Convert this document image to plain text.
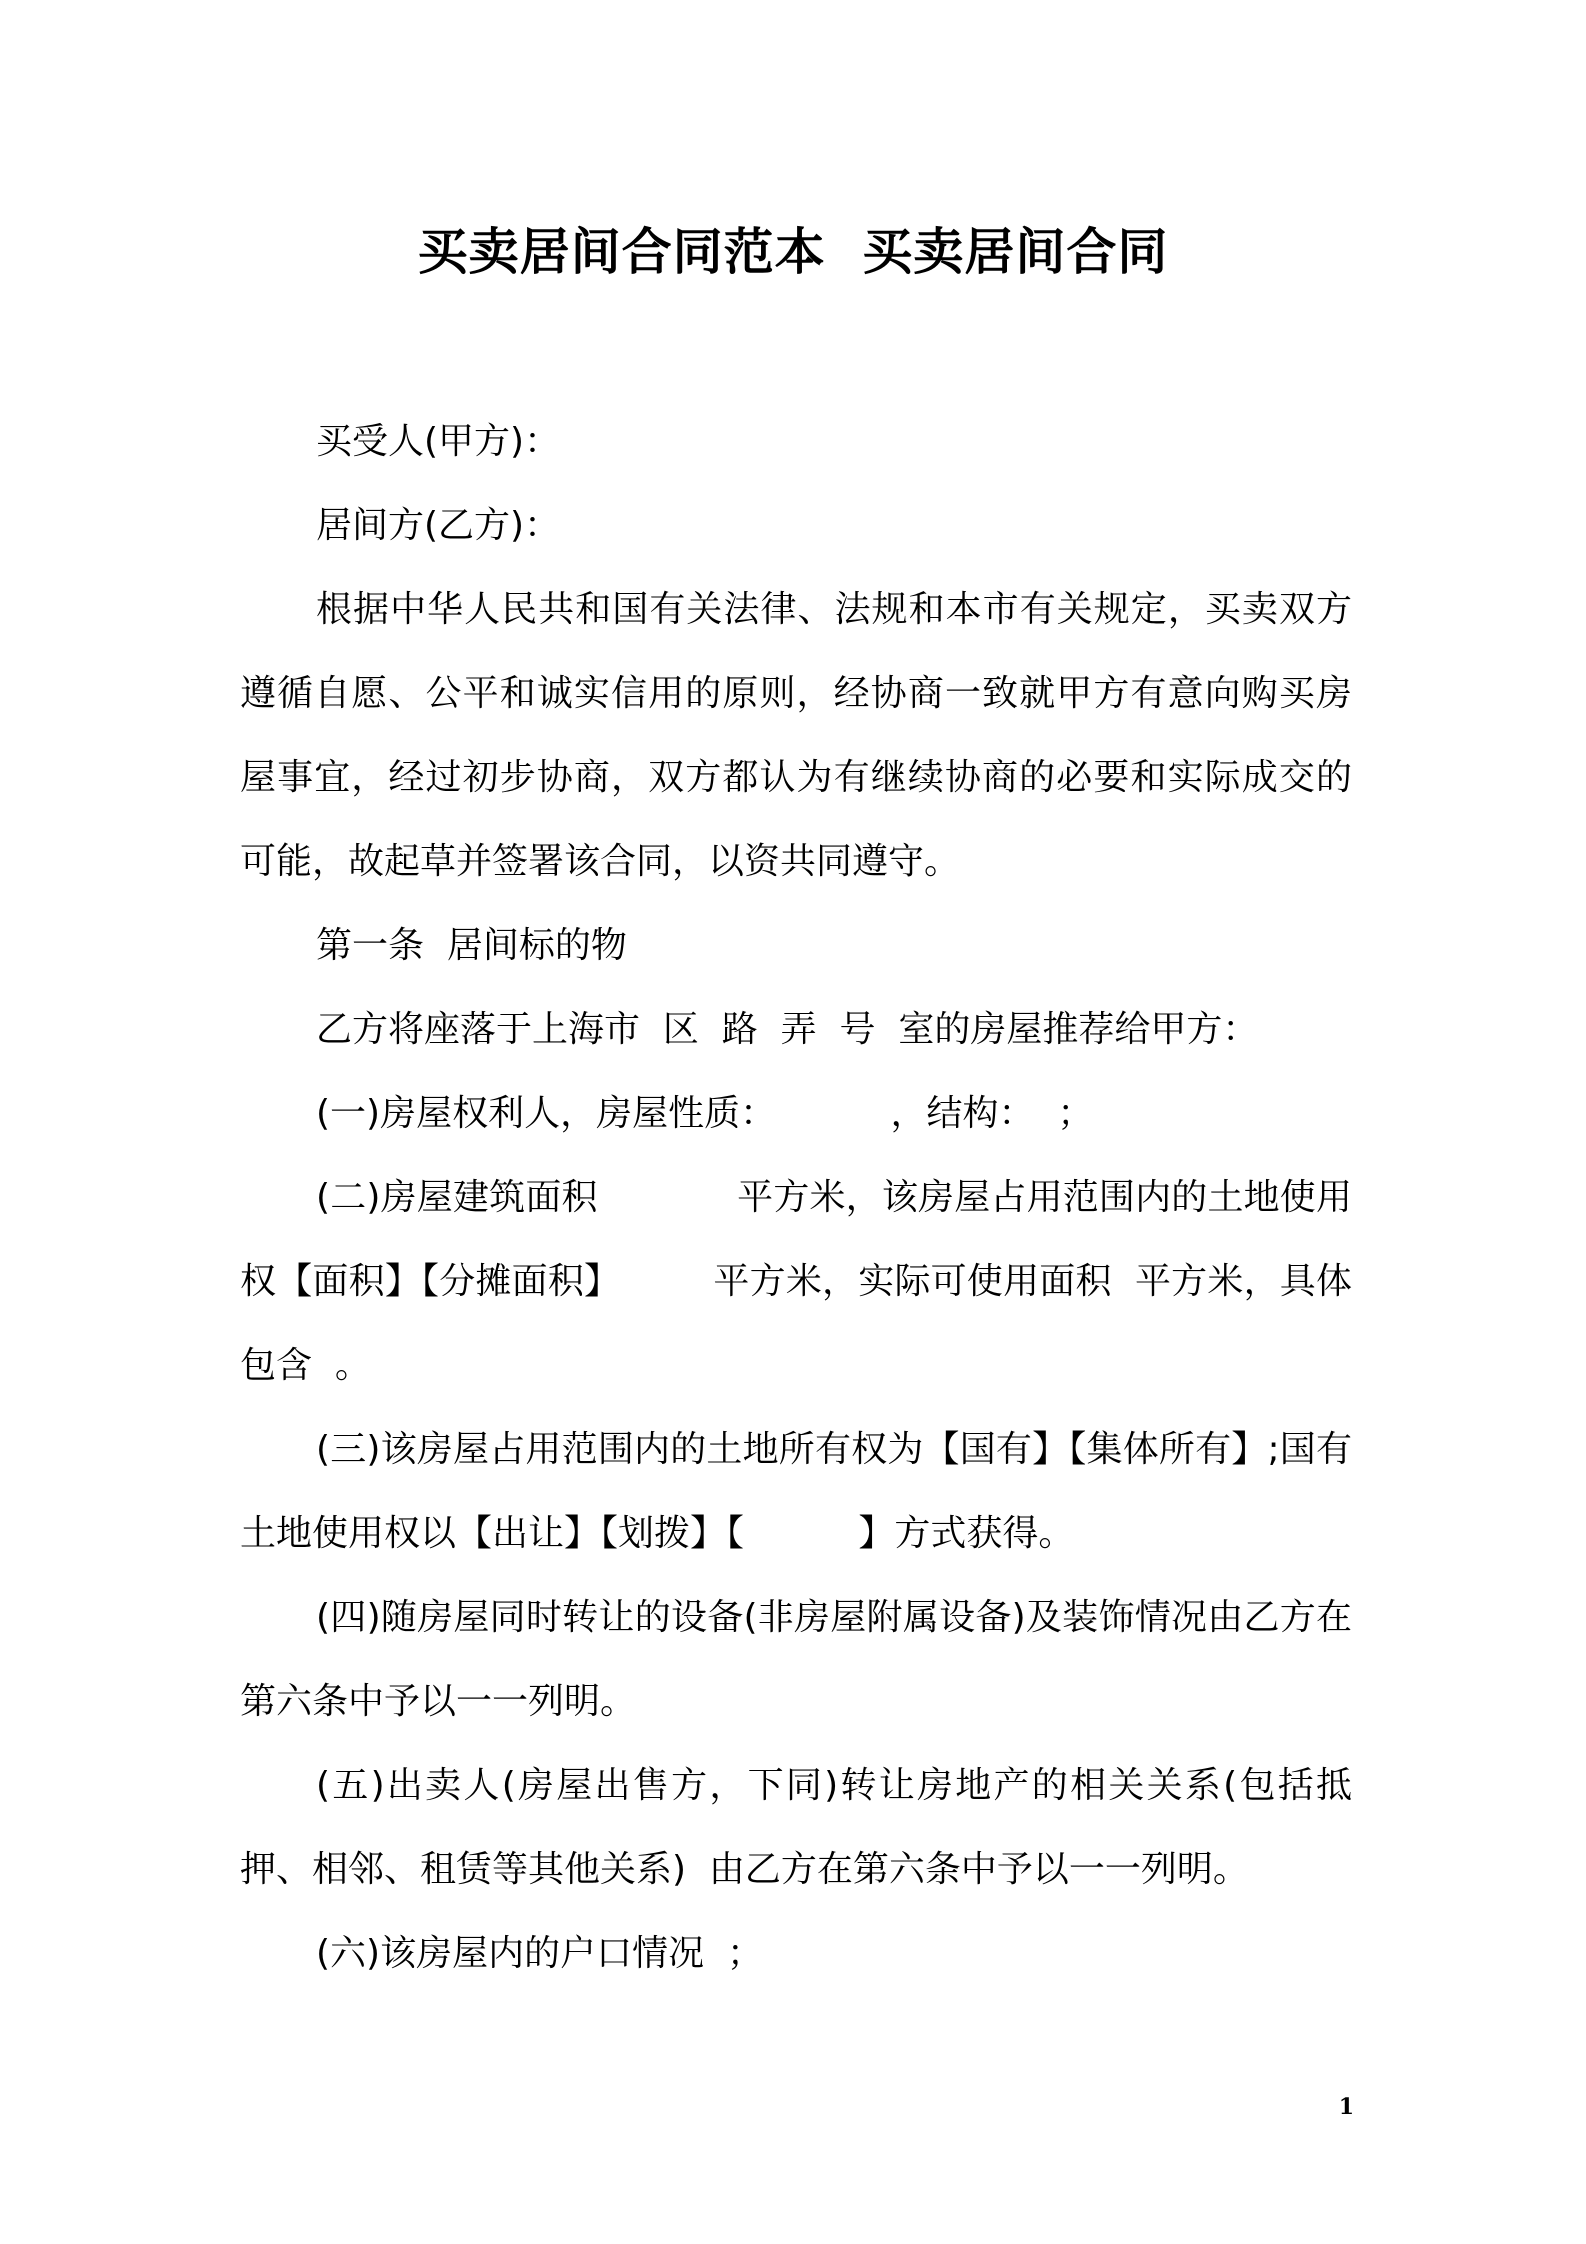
买卖居间合同范本  买卖居间合同

买受人(甲方)：

居间方(乙方)：

根据中华人民共和国有关法律、法规和本市有关规定，买卖双方遵循自愿、公平和诚实信用的原则，经协商一致就甲方有意向购买房屋事宜，经过初步协商，双方都认为有继续协商的必要和实际成交的可能，故起草并签署该合同，以资共同遵守。

第一条  居间标的物

乙方将座落于上海市  区  路  弄  号  室的房屋推荐给甲方：

(一)房屋权利人，房屋性质：          ，结构：  ；

(二)房屋建筑面积            平方米，该房屋占用范围内的土地使用权【面积】【分摊面积】        平方米，实际可使用面积  平方米，具体包含  。

(三)该房屋占用范围内的土地所有权为【国有】【集体所有】;国有土地使用权以【出让】【划拨】【          】方式获得。

(四)随房屋同时转让的设备(非房屋附属设备)及装饰情况由乙方在第六条中予以一一列明。

(五)出卖人(房屋出售方，下同)转让房地产的相关关系(包括抵押、相邻、租赁等其他关系)  由乙方在第六条中予以一一列明。

(六)该房屋内的户口情况  ；

1
